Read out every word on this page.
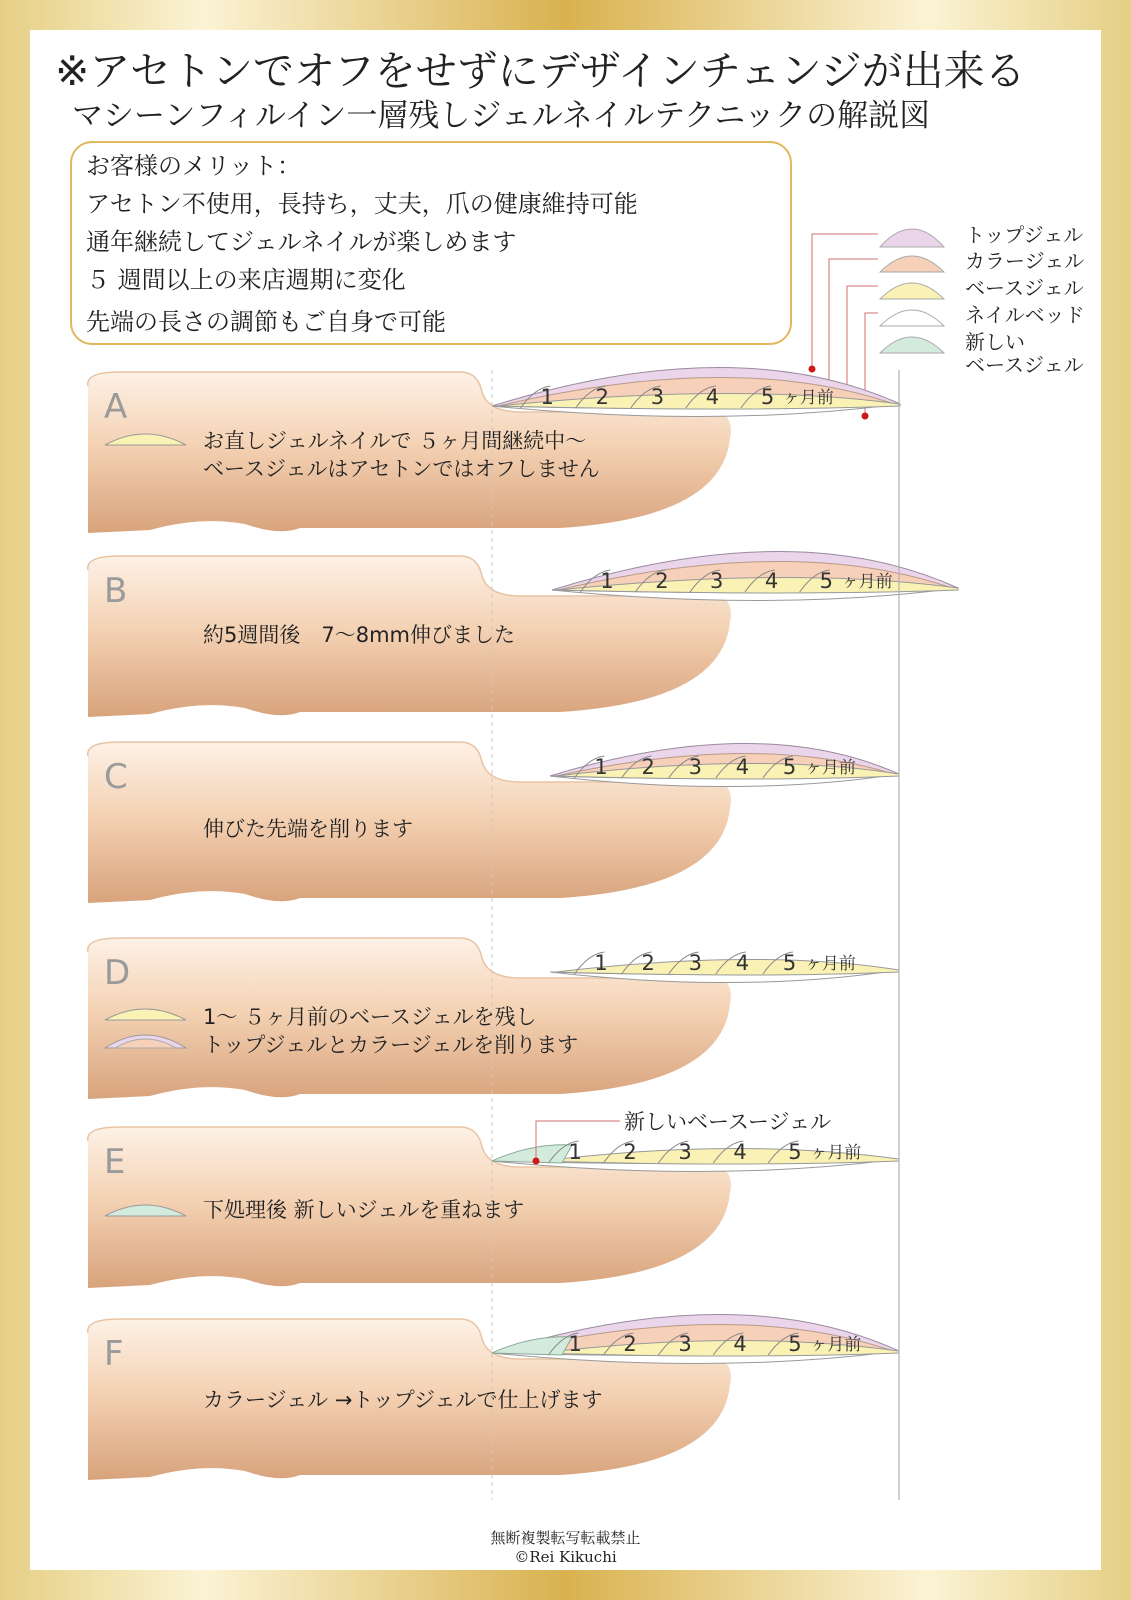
※アセトンでオフをせずにデザインチェンジが出来る
マシーンフィルイン一層残しジェルネイルテクニックの解説図
お客様のメリット：
アセトン不使用，長持ち，丈夫，爪の健康維持可能
通年継続してジェルネイルが楽しめます
５ 週間以上の来店週期に変化
先端の長さの調節もご自身で可能
トップジェル
カラージェル
ベースジェル
ネイルベッド
新しい
ベースジェル
1 2 3 4 5 ヶ月前
A
お直しジェルネイルで ５ヶ月間継続中～
ベースジェルはアセトンではオフしません
1 2 3 4 5 ヶ月前
B
約5週間後　7～8mm伸びました
1 2 3 4 5 ヶ月前
C
伸びた先端を削ります
1 2 3 4 5 ヶ月前
D
1～ ５ヶ月前のベースジェルを残し
トップジェルとカラージェルを削ります
1 2 3 4 5 ヶ月前
E
下処理後 新しいジェルを重ねます
1 2 3 4 5 ヶ月前
F
カラージェル →トップジェルで仕上げます
新しいベースージェル
無断複製転写転載禁止
©Rei Kikuchi
